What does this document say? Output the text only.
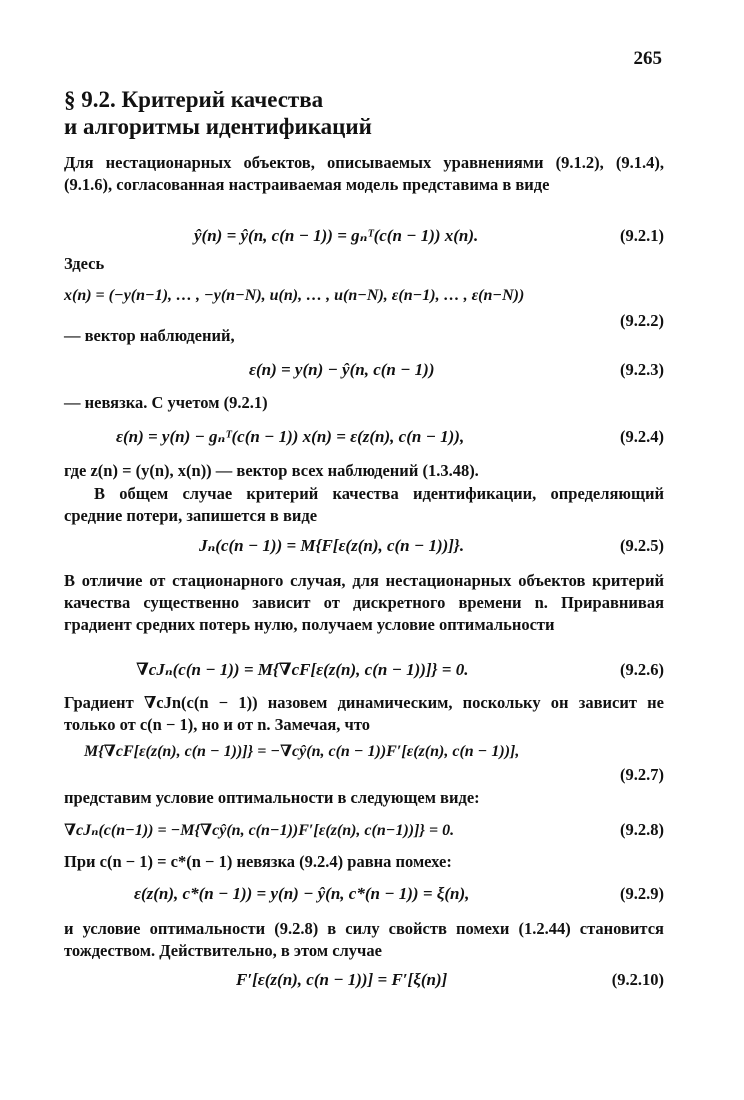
265
§ 9.2. Критерий качества
и алгоритмы идентификаций
Для нестационарных объектов, описываемых уравнениями (9.1.2), (9.1.4), (9.1.6), согласованная настраиваемая модель представима в виде
ŷ(n) = ŷ(n, c(n − 1)) = gₙᵀ(c(n − 1)) x(n).	(9.2.1)
Здесь
x(n) = (−y(n−1), … , −y(n−N), u(n), … , u(n−N), ε(n−1), … , ε(n−N))
(9.2.2)
— вектор наблюдений,
ε(n) = y(n) − ŷ(n, c(n − 1))	(9.2.3)
— невязка. С учетом (9.2.1)
ε(n) = y(n) − gₙᵀ(c(n − 1)) x(n) = ε(z(n), c(n − 1)),	(9.2.4)
где z(n) = (y(n), x(n)) — вектор всех наблюдений (1.3.48).
В общем случае критерий качества идентификации, определяющий средние потери, запишется в виде
Jₙ(c(n − 1)) = M{F[ε(z(n), c(n − 1))]}.	(9.2.5)
В отличие от стационарного случая, для нестационарных объектов критерий качества существенно зависит от дискретного времени n. Приравнивая градиент средних потерь нулю, получаем условие оптимальности
∇cJₙ(c(n − 1)) = M{∇cF[ε(z(n), c(n − 1))]} = 0.	(9.2.6)
Градиент ∇cJn(c(n − 1)) назовем динамическим, поскольку он зависит не только от c(n − 1), но и от n. Замечая, что
M{∇cF[ε(z(n), c(n − 1))]} = −∇cŷ(n, c(n − 1))F′[ε(z(n), c(n − 1))],
(9.2.7)
представим условие оптимальности в следующем виде:
∇cJₙ(c(n−1)) = −M{∇cŷ(n, c(n−1))F′[ε(z(n), c(n−1))]} = 0.	(9.2.8)
При c(n − 1) = c*(n − 1) невязка (9.2.4) равна помехе:
ε(z(n), c*(n − 1)) = y(n) − ŷ(n, c*(n − 1)) = ξ(n),	(9.2.9)
и условие оптимальности (9.2.8) в силу свойств помехи (1.2.44) становится тождеством. Действительно, в этом случае
F′[ε(z(n), c(n − 1))] = F′[ξ(n)]	(9.2.10)
